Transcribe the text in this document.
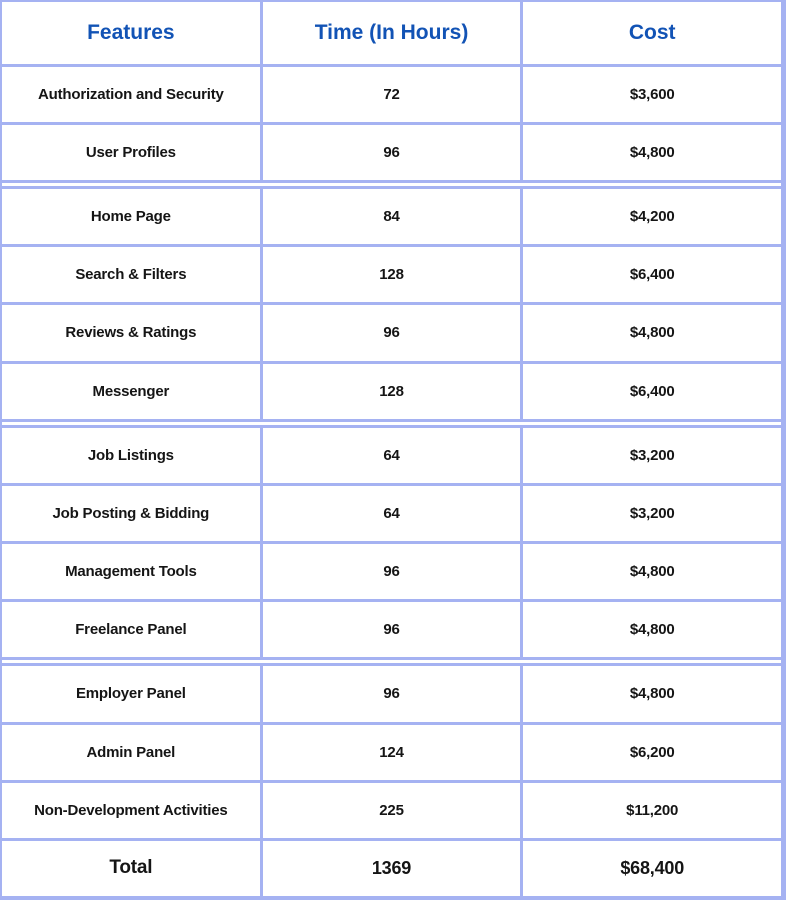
Features	Time (In Hours)	Cost
Authorization and Security	72	$3,600
User Profiles	96	$4,800
Home Page	84	$4,200
Search & Filters	128	$6,400
Reviews & Ratings	96	$4,800
Messenger	128	$6,400
Job Listings	64	$3,200
Job Posting & Bidding	64	$3,200
Management Tools	96	$4,800
Freelance Panel	96	$4,800
Employer Panel	96	$4,800
Admin Panel	124	$6,200
Non-Development Activities	225	$11,200
Total	1369	$68,400
